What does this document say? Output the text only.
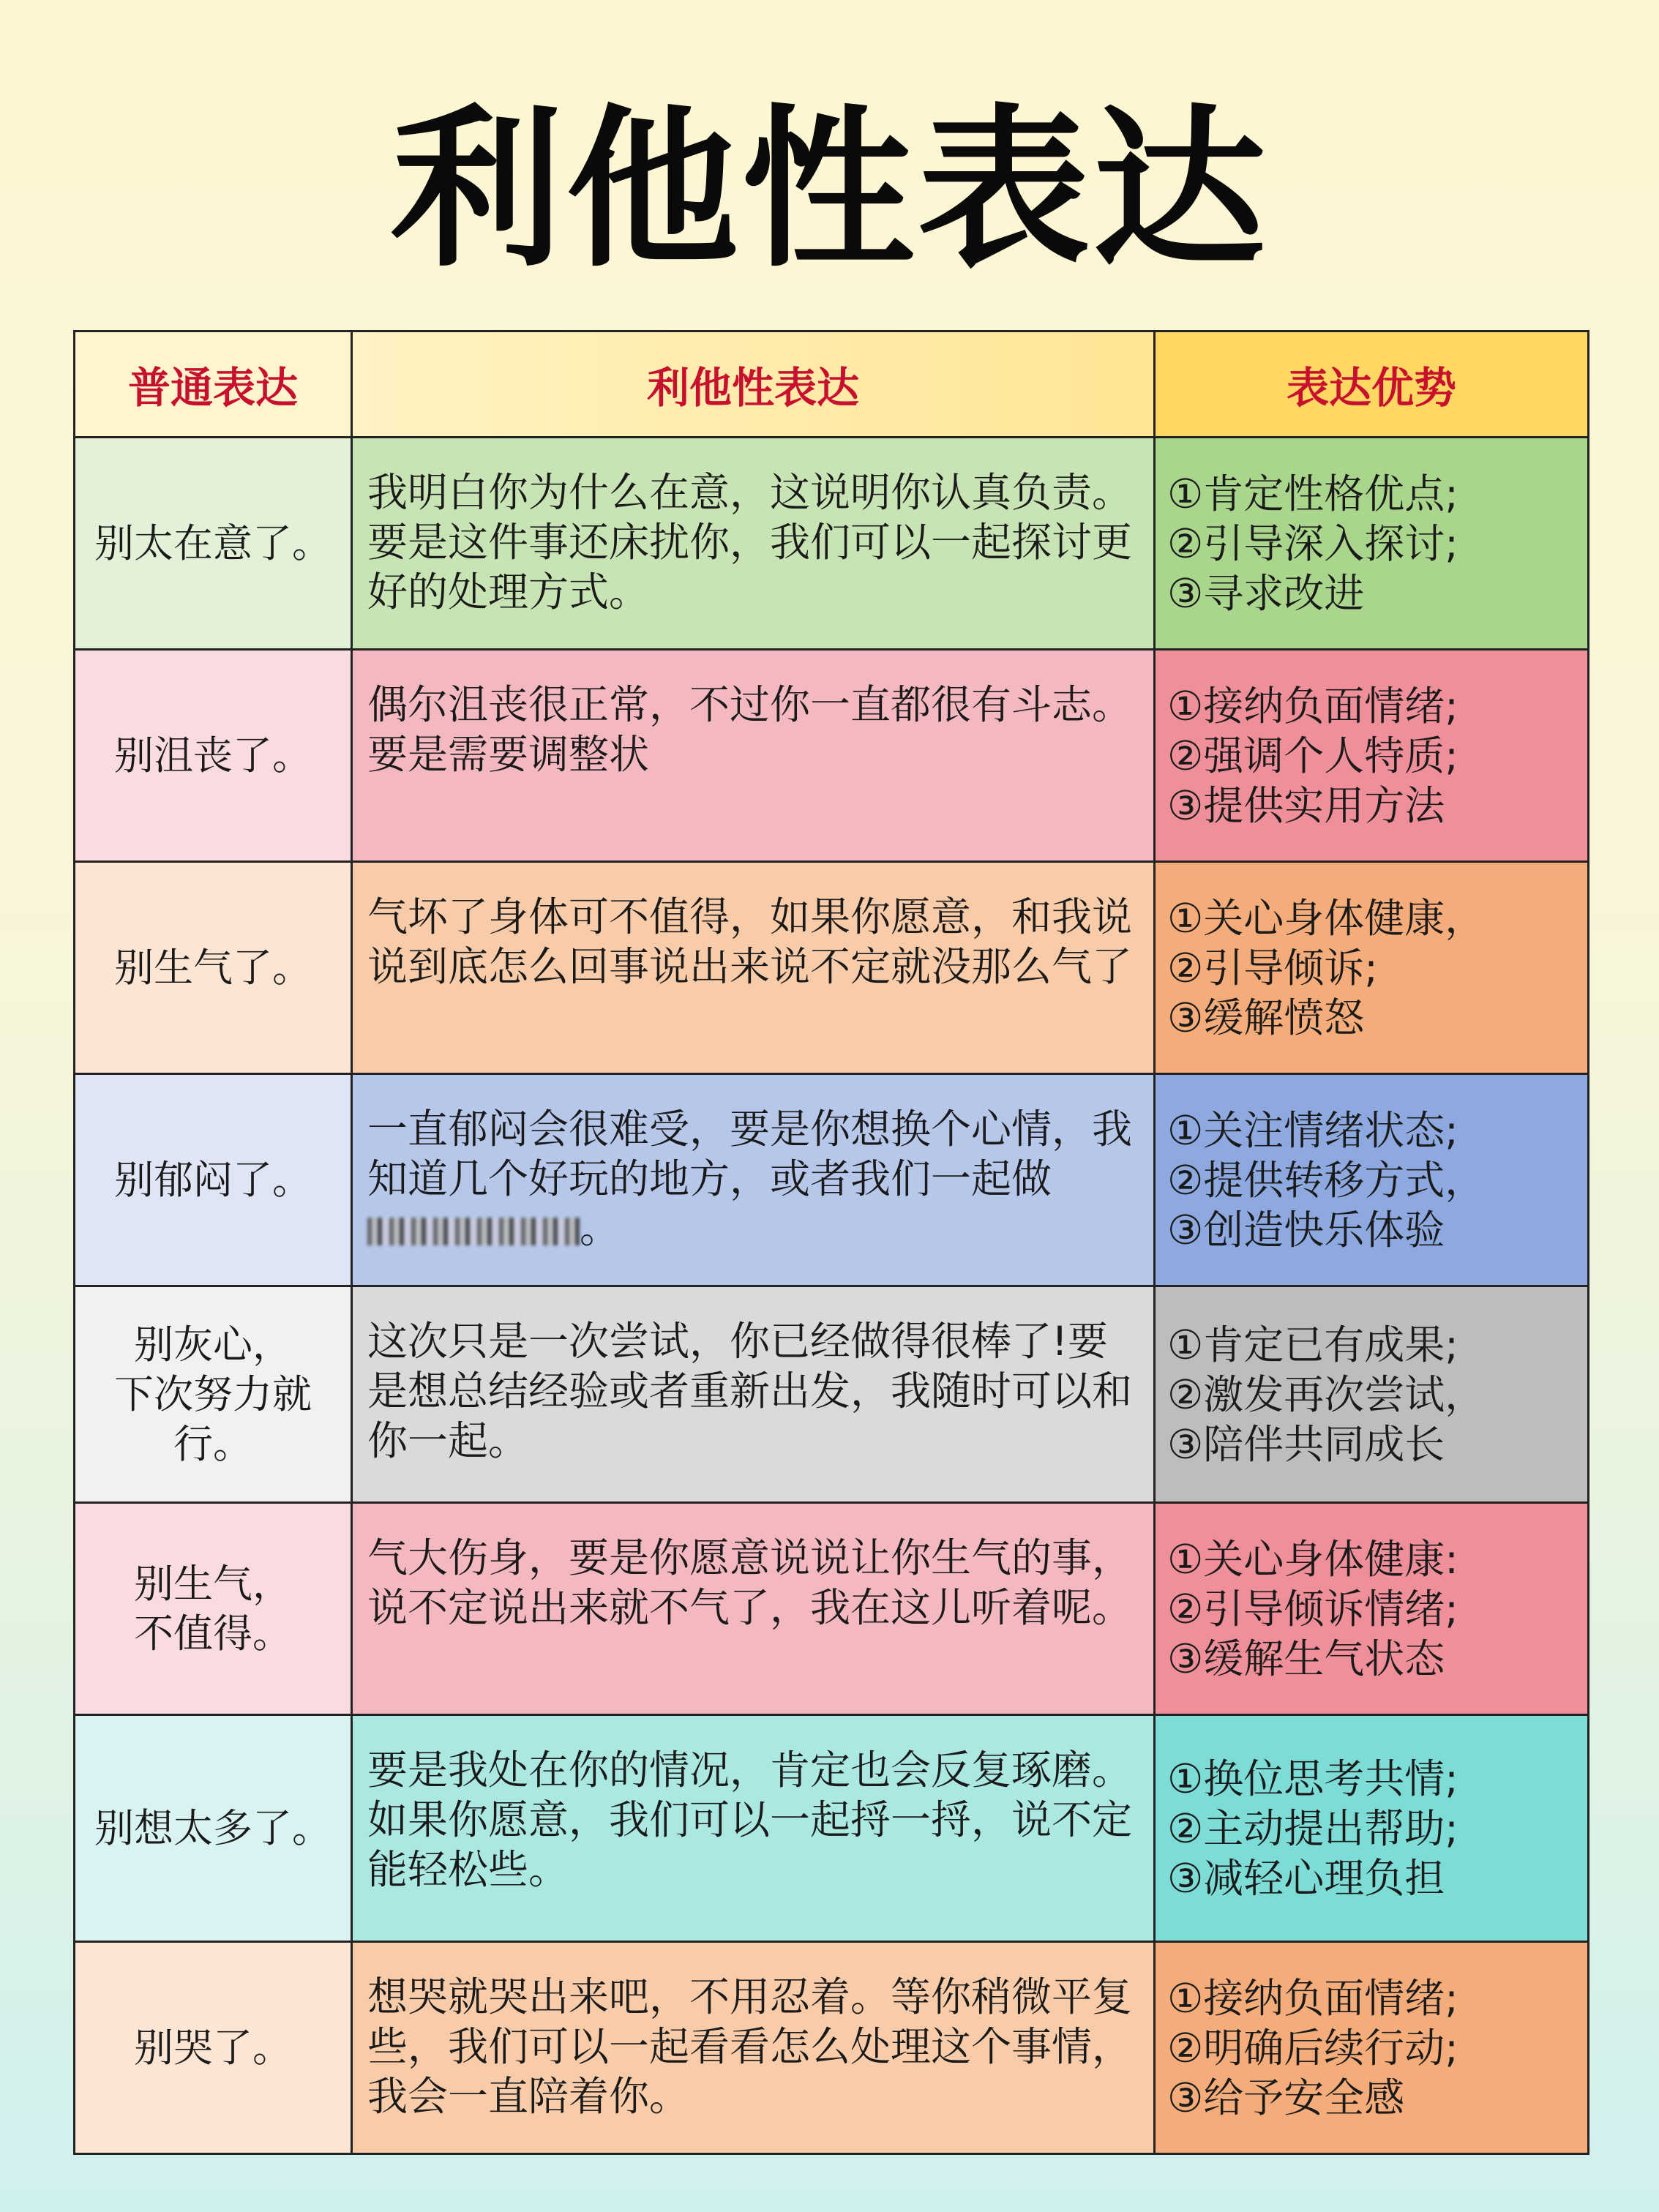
利他性表达
普通表达	利他性表达	表达优势
别太在意了。
我明白你为什么在意，这说明你认真负责。要是这件事还床扰你，我们可以一起探讨更好的处理方式。
①肯定性格优点;
②引导深入探讨;
③寻求改进
别沮丧了。
偶尔沮丧很正常，不过你一直都很有斗志。要是需要调整状
①接纳负面情绪;
②强调个人特质;
③提供实用方法
别生气了。
气坏了身体可不值得，如果你愿意，和我说说到底怎么回事说出来说不定就没那么气了
①关心身体健康，
②引导倾诉;
③缓解愤怒
别郁闷了。
一直郁闷会很难受，要是你想换个心情，我知道几个好玩的地方，或者我们一起做。
①关注情绪状态;
②提供转移方式，
③创造快乐体验
别灰心，
下次努力就行。
这次只是一次尝试，你已经做得很棒了!要是想总结经验或者重新出发，我随时可以和你一起。
①肯定已有成果;
②激发再次尝试，
③陪伴共同成长
别生气，
不值得。
气大伤身，要是你愿意说说让你生气的事，说不定说出来就不气了，我在这儿听着呢。
①关心身体健康:
②引导倾诉情绪;
③缓解生气状态
别想太多了。
要是我处在你的情况，肯定也会反复琢磨。如果你愿意，我们可以一起捋一捋，说不定能轻松些。
①换位思考共情;
②主动提出帮助;
③减轻心理负担
别哭了。
想哭就哭出来吧，不用忍着。等你稍微平复些，我们可以一起看看怎么处理这个事情，我会一直陪着你。
①接纳负面情绪;
②明确后续行动;
③给予安全感
